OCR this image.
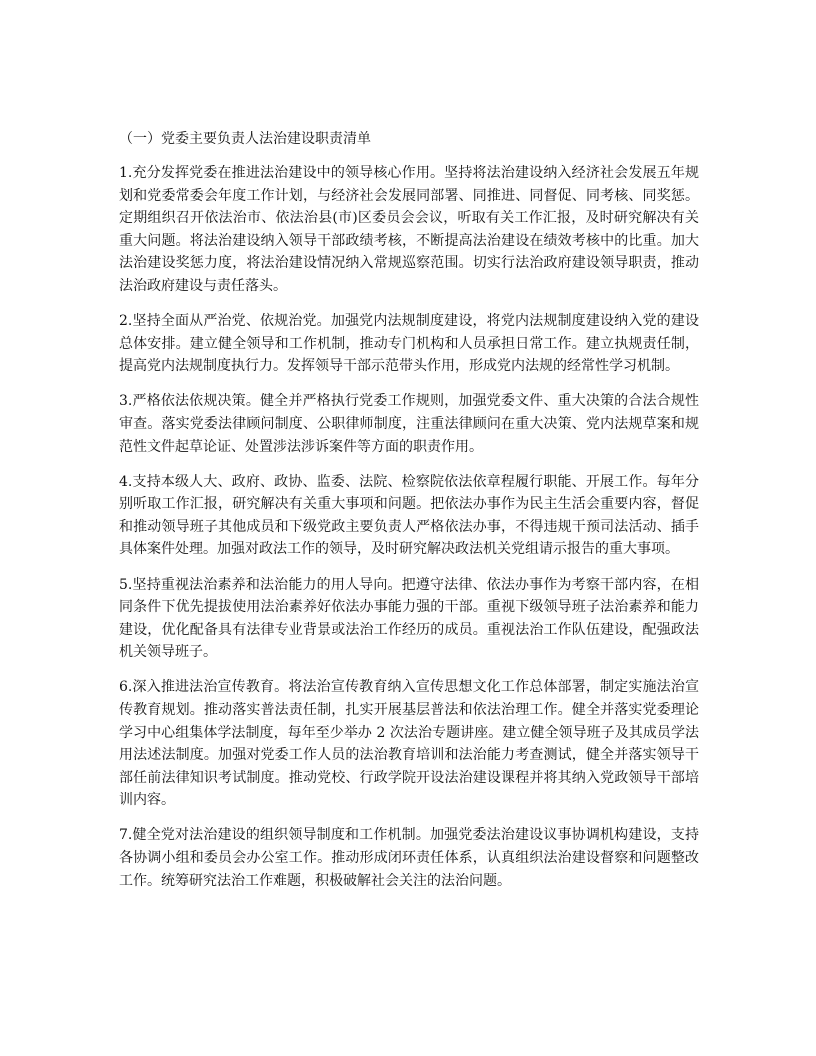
（一）党委主要负责人法治建设职责清单

1.充分发挥党委在推进法治建设中的领导核心作用。坚持将法治建设纳入经济社会发展五年规划和党委常委会年度工作计划，与经济社会发展同部署、同推进、同督促、同考核、同奖惩。定期组织召开依法治市、依法治县(市)区委员会会议，听取有关工作汇报，及时研究解决有关重大问题。将法治建设纳入领导干部政绩考核，不断提高法治建设在绩效考核中的比重。加大法治建设奖惩力度，将法治建设情况纳入常规巡察范围。切实行法治政府建设领导职责，推动法治政府建设与责任落头。

2.坚持全面从严治党、依规治党。加强党内法规制度建设，将党内法规制度建设纳入党的建设总体安排。建立健全领导和工作机制，推动专门机构和人员承担日常工作。建立执规责任制，提高党内法规制度执行力。发挥领导干部示范带头作用，形成党内法规的经常性学习机制。

3.严格依法依规决策。健全并严格执行党委工作规则，加强党委文件、重大决策的合法合规性审查。落实党委法律顾问制度、公职律师制度，注重法律顾问在重大决策、党内法规草案和规范性文件起草论证、处置涉法涉诉案件等方面的职责作用。

4.支持本级人大、政府、政协、监委、法院、检察院依法依章程履行职能、开展工作。每年分别听取工作汇报，研究解决有关重大事项和问题。把依法办事作为民主生活会重要内容，督促和推动领导班子其他成员和下级党政主要负责人严格依法办事，不得违规干预司法活动、插手具体案件处理。加强对政法工作的领导，及时研究解决政法机关党组请示报告的重大事项。

5.坚持重视法治素养和法治能力的用人导向。把遵守法律、依法办事作为考察干部内容，在相同条件下优先提拔使用法治素养好依法办事能力强的干部。重视下级领导班子法治素养和能力建设，优化配备具有法律专业背景或法治工作经历的成员。重视法治工作队伍建设，配强政法机关领导班子。

6.深入推进法治宣传教育。将法治宣传教育纳入宣传思想文化工作总体部署，制定实施法治宣传教育规划。推动落实普法责任制，扎实开展基层普法和依法治理工作。健全并落实党委理论学习中心组集体学法制度，每年至少举办 2 次法治专题讲座。建立健全领导班子及其成员学法用法述法制度。加强对党委工作人员的法治教育培训和法治能力考查测试，健全并落实领导干部任前法律知识考试制度。推动党校、行政学院开设法治建设课程并将其纳入党政领导干部培训内容。

7.健全党对法治建设的组织领导制度和工作机制。加强党委法治建设议事协调机构建设，支持各协调小组和委员会办公室工作。推动形成闭环责任体系，认真组织法治建设督察和问题整改工作。统筹研究法治工作难题，积极破解社会关注的法治问题。
